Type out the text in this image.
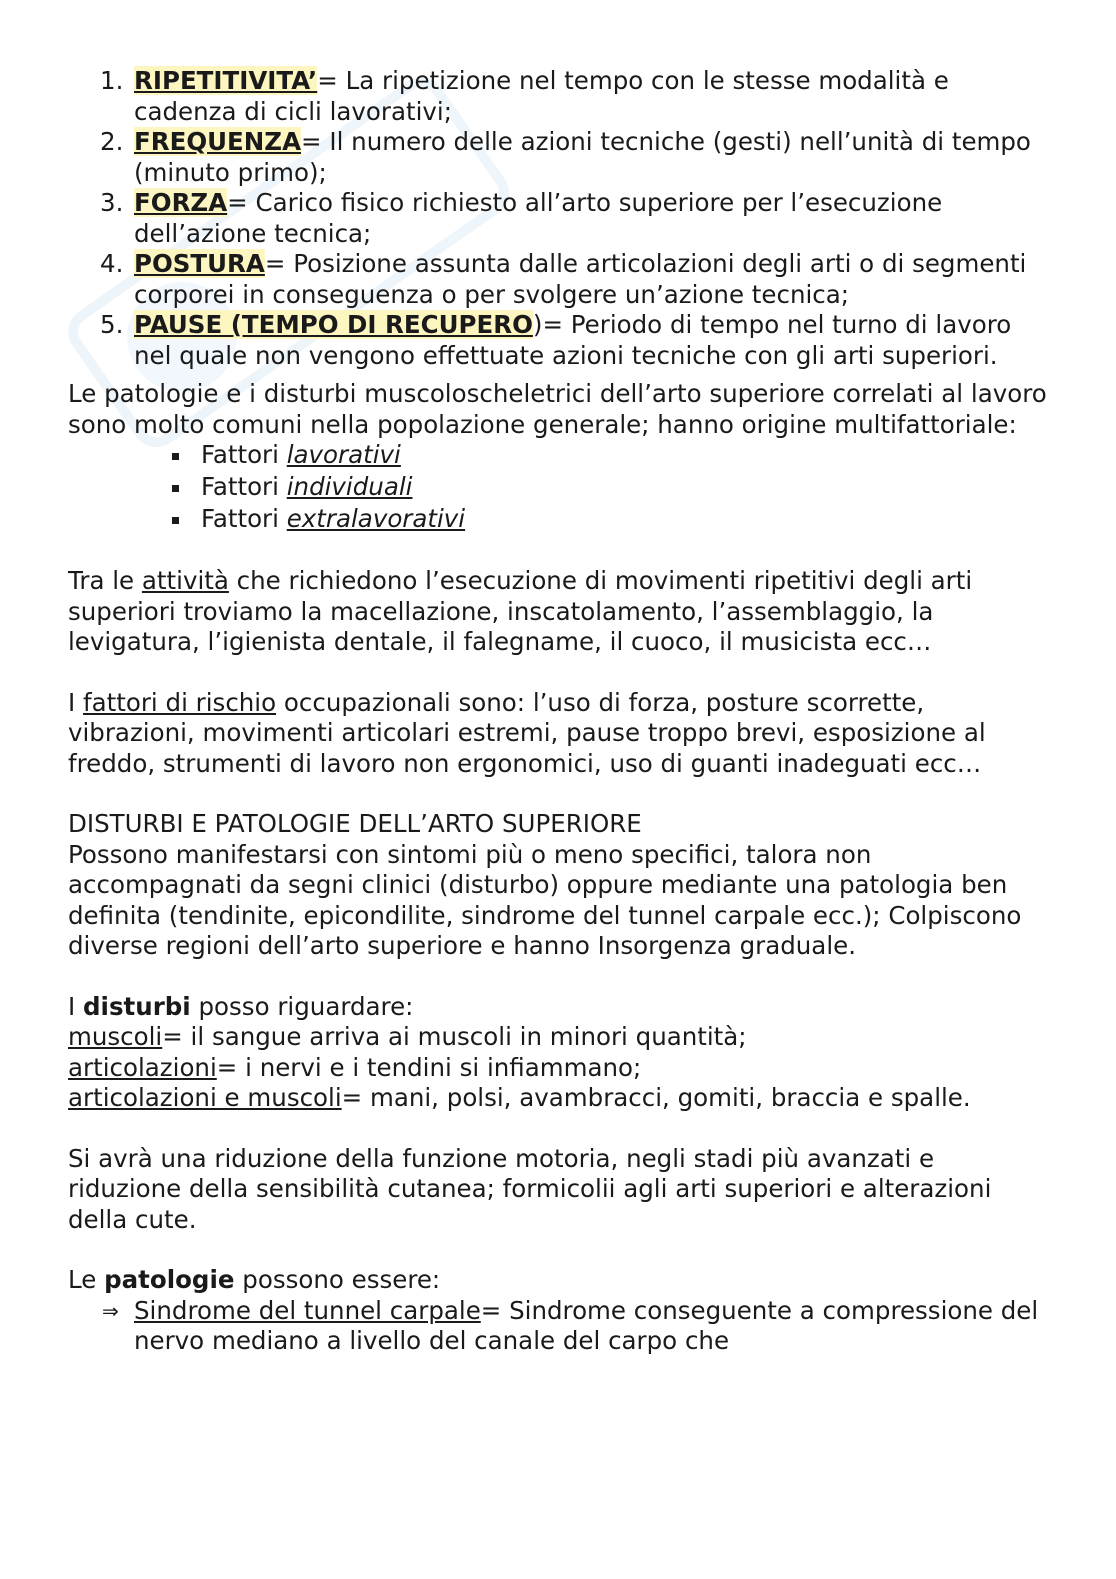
1. RIPETITIVITA’= La ripetizione nel tempo con le stesse modalità e cadenza di cicli lavorativi;
2. FREQUENZA= Il numero delle azioni tecniche (gesti) nell’unità di tempo (minuto primo);
3. FORZA= Carico fisico richiesto all’arto superiore per l’esecuzione dell’azione tecnica;
4. POSTURA= Posizione assunta dalle articolazioni degli arti o di segmenti corporei in conseguenza o per svolgere un’azione tecnica;
5. PAUSE (TEMPO DI RECUPERO)= Periodo di tempo nel turno di lavoro nel quale non vengono effettuate azioni tecniche con gli arti superiori.

Le patologie e i disturbi muscoloscheletrici dell’arto superiore correlati al lavoro sono molto comuni nella popolazione generale; hanno origine multifattoriale:

Fattori lavorativi
Fattori individuali
Fattori extralavorativi

Tra le attività che richiedono l’esecuzione di movimenti ripetitivi degli arti superiori troviamo la macellazione, inscatolamento, l’assemblaggio, la levigatura, l’igienista dentale, il falegname, il cuoco, il musicista ecc…

I fattori di rischio occupazionali sono: l’uso di forza, posture scorrette, vibrazioni, movimenti articolari estremi, pause troppo brevi, esposizione al freddo, strumenti di lavoro non ergonomici, uso di guanti inadeguati ecc…

DISTURBI E PATOLOGIE DELL’ARTO SUPERIORE

Possono manifestarsi con sintomi più o meno specifici, talora non accompagnati da segni clinici (disturbo) oppure mediante una patologia ben definita (tendinite, epicondilite, sindrome del tunnel carpale ecc.); Colpiscono diverse regioni dell’arto superiore e hanno Insorgenza graduale.

I disturbi posso riguardare:

muscoli= il sangue arriva ai muscoli in minori quantità;

articolazioni= i nervi e i tendini si infiammano;

articolazioni e muscoli= mani, polsi, avambracci, gomiti, braccia e spalle.

Si avrà una riduzione della funzione motoria, negli stadi più avanzati e riduzione della sensibilità cutanea; formicolii agli arti superiori e alterazioni della cute.

Le patologie possono essere:

⇒ Sindrome del tunnel carpale= Sindrome conseguente a compressione del nervo mediano a livello del canale del carpo che
